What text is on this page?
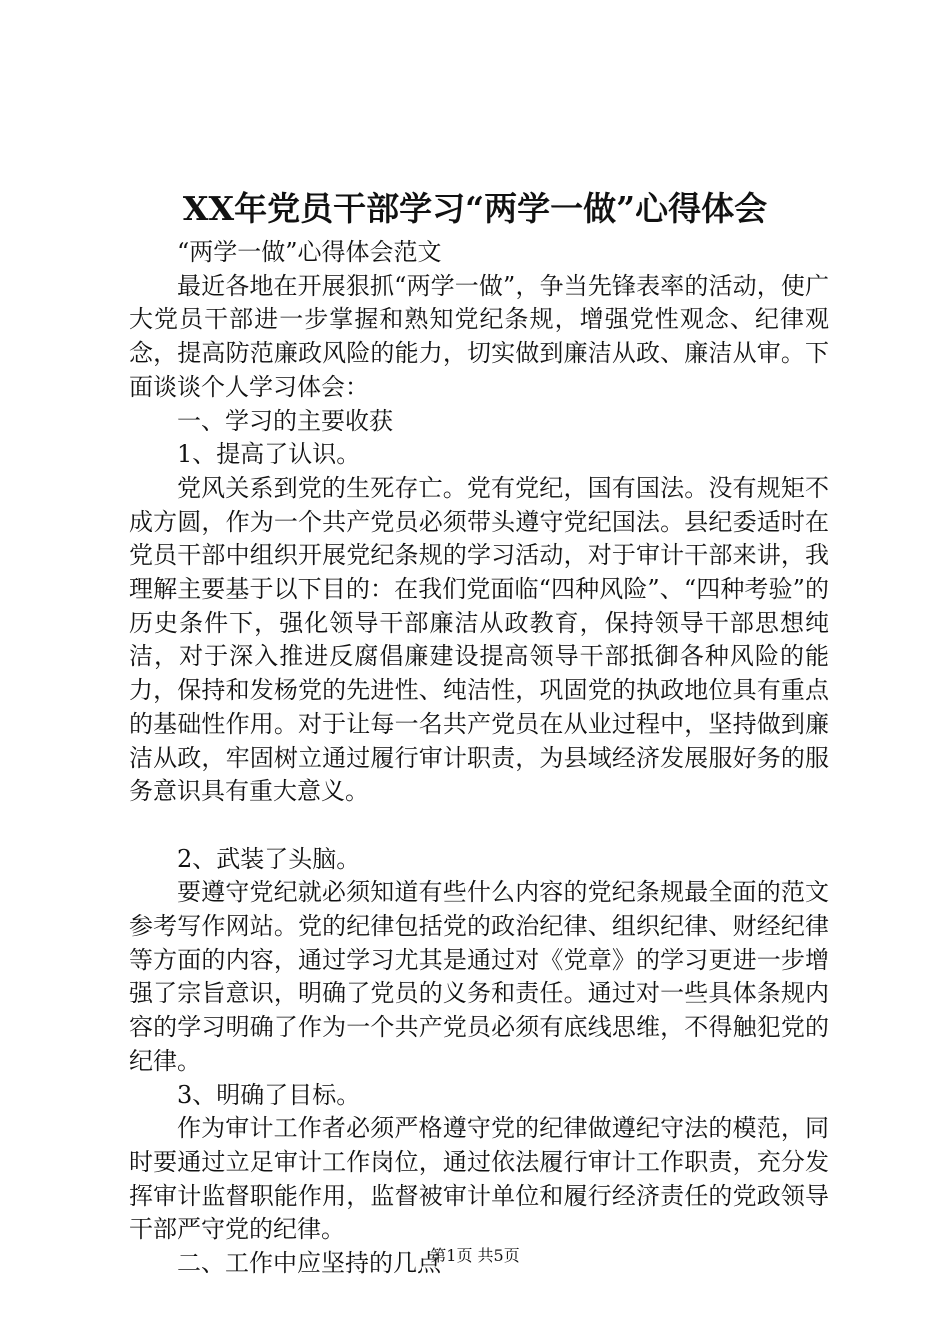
XX年党员干部学习“两学一做”心得体会

“两学一做”心得体会范文

最近各地在开展狠抓“两学一做”，争当先锋表率的活动，使广大党员干部进一步掌握和熟知党纪条规，增强党性观念、纪律观念，提高防范廉政风险的能力，切实做到廉洁从政、廉洁从审。下面谈谈个人学习体会：

一、学习的主要收获

1、提高了认识。

党风关系到党的生死存亡。党有党纪，国有国法。没有规矩不成方圆，作为一个共产党员必须带头遵守党纪国法。县纪委适时在党员干部中组织开展党纪条规的学习活动，对于审计干部来讲，我理解主要基于以下目的：在我们党面临“四种风险”、“四种考验”的历史条件下，强化领导干部廉洁从政教育，保持领导干部思想纯洁，对于深入推进反腐倡廉建设提高领导干部抵御各种风险的能力，保持和发杨党的先进性、纯洁性，巩固党的执政地位具有重点的基础性作用。对于让每一名共产党员在从业过程中，坚持做到廉洁从政，牢固树立通过履行审计职责，为县域经济发展服好务的服务意识具有重大意义。

2、武装了头脑。

要遵守党纪就必须知道有些什么内容的党纪条规最全面的范文参考写作网站。党的纪律包括党的政治纪律、组织纪律、财经纪律等方面的内容，通过学习尤其是通过对《党章》的学习更进一步增强了宗旨意识，明确了党员的义务和责任。通过对一些具体条规内容的学习明确了作为一个共产党员必须有底线思维，不得触犯党的纪律。

3、明确了目标。

作为审计工作者必须严格遵守党的纪律做遵纪守法的模范，同时要通过立足审计工作岗位，通过依法履行审计工作职责，充分发挥审计监督职能作用，监督被审计单位和履行经济责任的党政领导干部严守党的纪律。

二、工作中应坚持的几点

第1页 共5页
